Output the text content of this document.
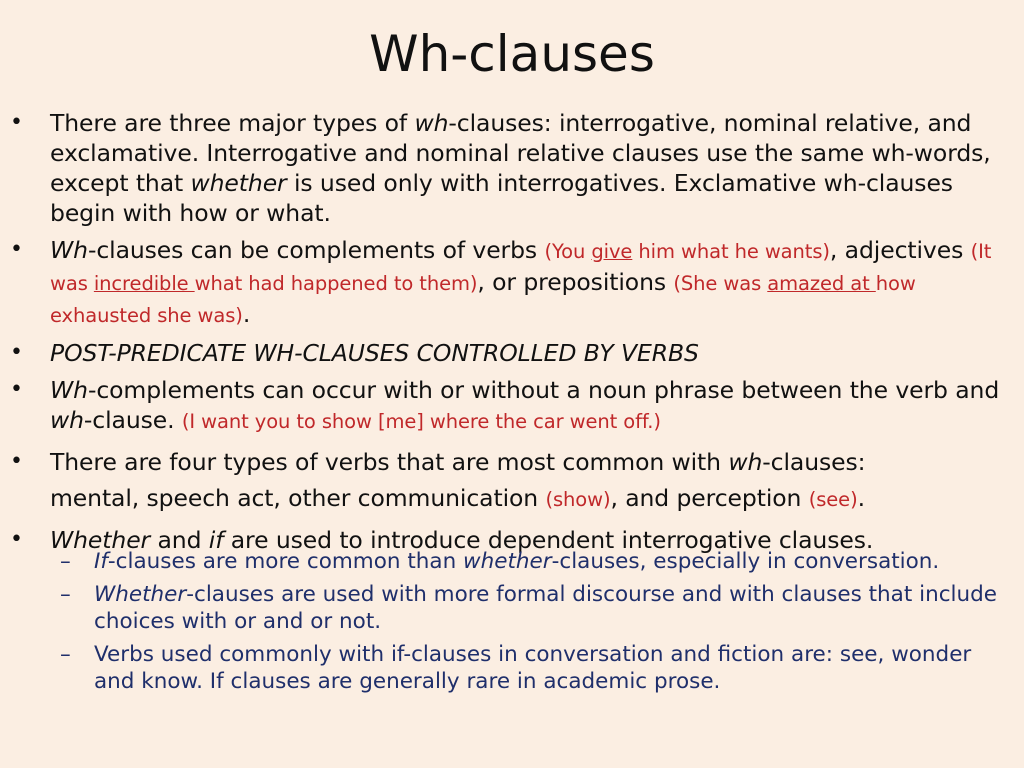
Wh-clauses
• There are three major types of wh-clauses: interrogative, nominal relative, and exclamative. Interrogative and nominal relative clauses use the same wh-words, except that whether is used only with interrogatives. Exclamative wh-clauses begin with how or what.
• Wh-clauses can be complements of verbs (You give him what he wants), adjectives (It was incredible what had happened to them), or prepositions (She was amazed at how exhausted she was).
• POST-PREDICATE WH-CLAUSES CONTROLLED BY VERBS
• Wh-complements can occur with or without a noun phrase between the verb and wh-clause. (I want you to show [me] where the car went off.)
• There are four types of verbs that are most common with wh-clauses:
mental, speech act, other communication (show), and perception (see).
• Whether and if are used to introduce dependent interrogative clauses.
– If-clauses are more common than whether-clauses, especially in conversation.
– Whether-clauses are used with more formal discourse and with clauses that include choices with or and or not.
– Verbs used commonly with if-clauses in conversation and fiction are: see, wonder and know. If clauses are generally rare in academic prose.
